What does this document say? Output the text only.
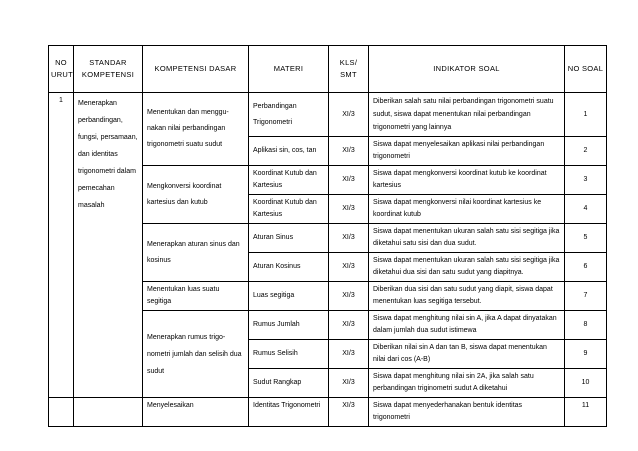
NO URUT	STANDAR KOMPETENSI	KOMPETENSI DASAR	MATERI	KLS/ SMT	INDIKATOR SOAL	NO SOAL
1	Menerapkan perbandingan, fungsi, persamaan, dan identitas trigonometri dalam pemecahan masalah	Menentukan dan menggu-nakan nilai perbandingan trigonometri suatu sudut	Perbandingan Trigonometri	XI/3	Diberikan salah satu nilai perbandingan trigonometri suatu sudut, siswa dapat menentukan nilai perbandingan trigonometri yang lainnya	1
			Aplikasi sin, cos, tan	XI/3	Siswa dapat menyelesaikan aplikasi nilai perbandingan trigonometri	2
		Mengkonversi koordinat kartesius dan kutub	Koordinat Kutub dan Kartesius	XI/3	Siswa dapat mengkonversi koordinat kutub ke koordinat kartesius	3
			Koordinat Kutub dan Kartesius	XI/3	Siswa dapat mengkonversi nilai koordinat kartesius ke koordinat kutub	4
		Menerapkan aturan sinus dan kosinus	Aturan Sinus	XI/3	Siswa dapat menentukan ukuran salah satu sisi segitiga jika diketahui satu sisi dan dua sudut.	5
			Aturan Kosinus	XI/3	Siswa dapat menentukan ukuran salah satu sisi segitiga jika diketahui dua sisi dan satu sudut yang diapitnya.	6
		Menentukan luas suatu segitiga	Luas segitiga	XI/3	Diberikan dua sisi dan satu sudut yang diapit, siswa dapat menentukan luas segitiga tersebut.	7
		Menerapkan rumus trigo-nometri jumlah dan selisih dua sudut	Rumus Jumlah	XI/3	Siswa dapat menghitung nilai sin A, jika A dapat dinyatakan dalam jumlah dua sudut istimewa	8
			Rumus Selisih	XI/3	Diberikan nilai sin A dan tan B, siswa dapat menentukan nilai dari cos (A-B)	9
			Sudut Rangkap	XI/3	Siswa dapat menghitung nilai sin 2A, jika salah satu perbandingan triginometri sudut A diketahui	10
		Menyelesaikan	Identitas Trigonometri	XI/3	Siswa dapat menyederhanakan bentuk identitas trigonometri	11
